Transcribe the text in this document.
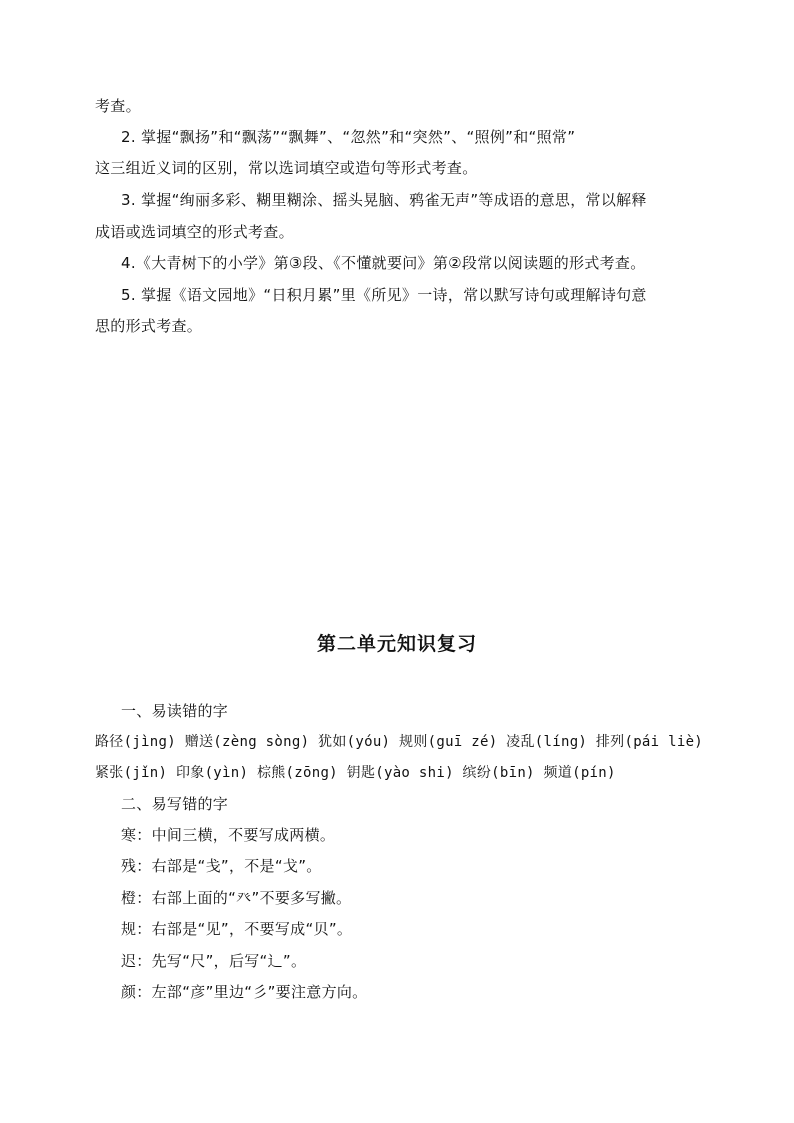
考查。
2. 掌握“飘扬”和“飘荡”“飘舞”、“忽然”和“突然”、“照例”和“照常”
这三组近义词的区别，常以选词填空或造句等形式考查。
3. 掌握“绚丽多彩、糊里糊涂、摇头晃脑、鸦雀无声”等成语的意思，常以解释
成语或选词填空的形式考查。
4.《大青树下的小学》第③段、《不懂就要问》第②段常以阅读题的形式考查。
5. 掌握《语文园地》“日积月累”里《所见》一诗，常以默写诗句或理解诗句意
思的形式考查。
第二单元知识复习
一、易读错的字
路径(jìng) 赠送(zèng sòng) 犹如(yóu) 规则(guī zé) 凌乱(líng) 排列(pái liè)
紧张(jǐn) 印象(yìn) 棕熊(zōng) 钥匙(yào shi) 缤纷(bīn) 频道(pín)
二、易写错的字
寒：中间三横，不要写成两横。
残：右部是“戋”，不是“戈”。
橙：右部上面的“癶”不要多写撇。
规：右部是“见”，不要写成“贝”。
迟：先写“尺”，后写“辶”。
颜：左部“彦”里边“彡”要注意方向。
